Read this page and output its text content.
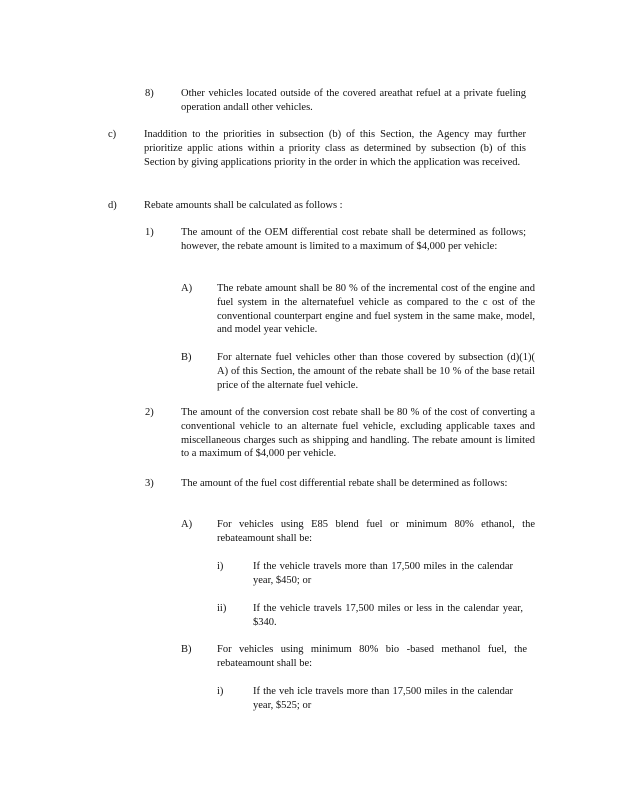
8)	Other vehicles located outside of the covered areathat refuel at a private fueling operation andall other vehicles.
c)	Inaddition to the priorities in subsection (b) of this Section, the Agency may further prioritize applic ations within a priority class as determined by subsection (b) of this Section by giving applications priority in the order in which the application was received.
d)	Rebate amounts shall be calculated as follows :
1)	The amount of the OEM differential cost rebate shall be determined as follows; however, the rebate amount is limited to a maximum of $4,000 per vehicle:
A)	The rebate amount shall be 80 % of the incremental cost of the engine and fuel system in the alternatefuel vehicle as compared to the c ost of the conventional counterpart engine and fuel system in the same make, model, and model year vehicle.
B)	For alternate fuel vehicles other than those covered by subsection (d)(1)( A) of this Section, the amount of the rebate shall be 10 % of the base retail price of the alternate fuel vehicle.
2)	The amount of the conversion cost rebate shall be 80 % of the cost of converting a conventional vehicle to an alternate fuel vehicle, excluding applicable taxes and miscellaneous charges such as shipping and handling. The rebate amount is limited to a maximum of $4,000 per vehicle.
3)	The amount of the fuel cost differential rebate shall be determined as follows:
A)	For vehicles using E85 blend fuel or minimum 80% ethanol, the rebateamount shall be:
i)	If the vehicle travels more than 17,500 miles in the calendar year, $450; or
ii)	If the vehicle travels 17,500 miles or less in the calendar year, $340.
B)	For vehicles using minimum 80% bio -based methanol fuel, the rebateamount shall be:
i)	If the veh icle travels more than 17,500 miles in the calendar year, $525; or
